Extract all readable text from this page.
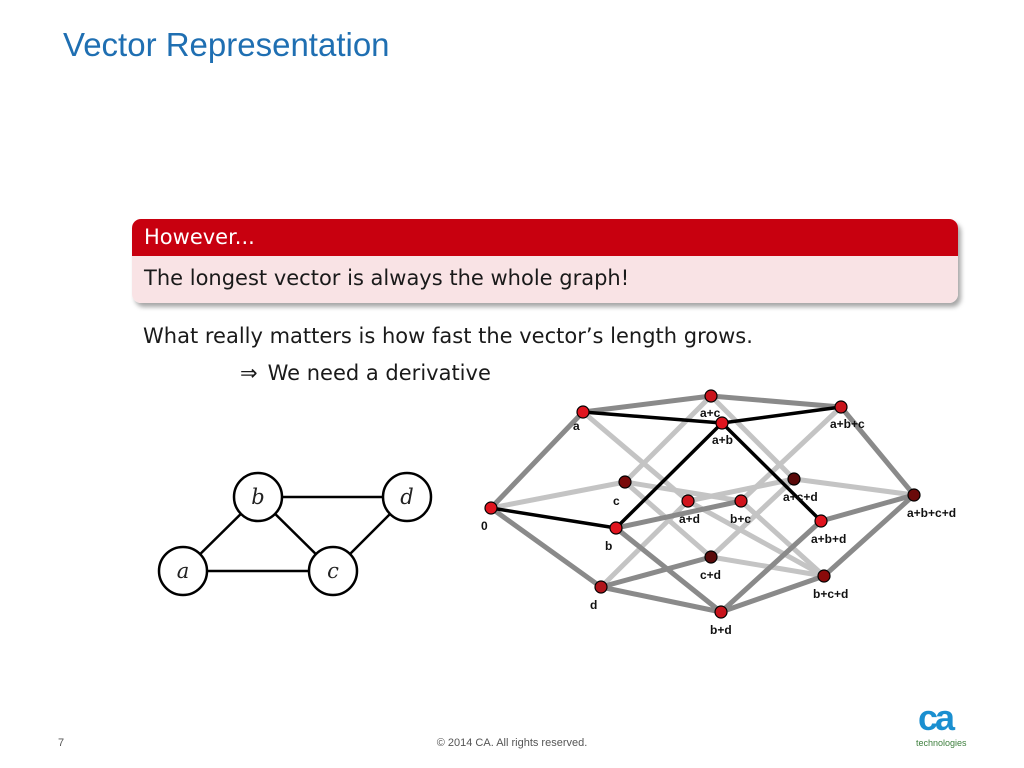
Vector Representation
However...
The longest vector is always the whole graph!
What really matters is how fast the vector’s length grows.
⇒ We need a derivative
a
b
c
d
0
a
b
c
d
a+c
a+b
a+b+c
a+d b+c
a+c+d
a+b+c+d
a+b+d
c+d
b+c+d
b+d
7	© 2014 CA. All rights reserved.
ca
technologies
